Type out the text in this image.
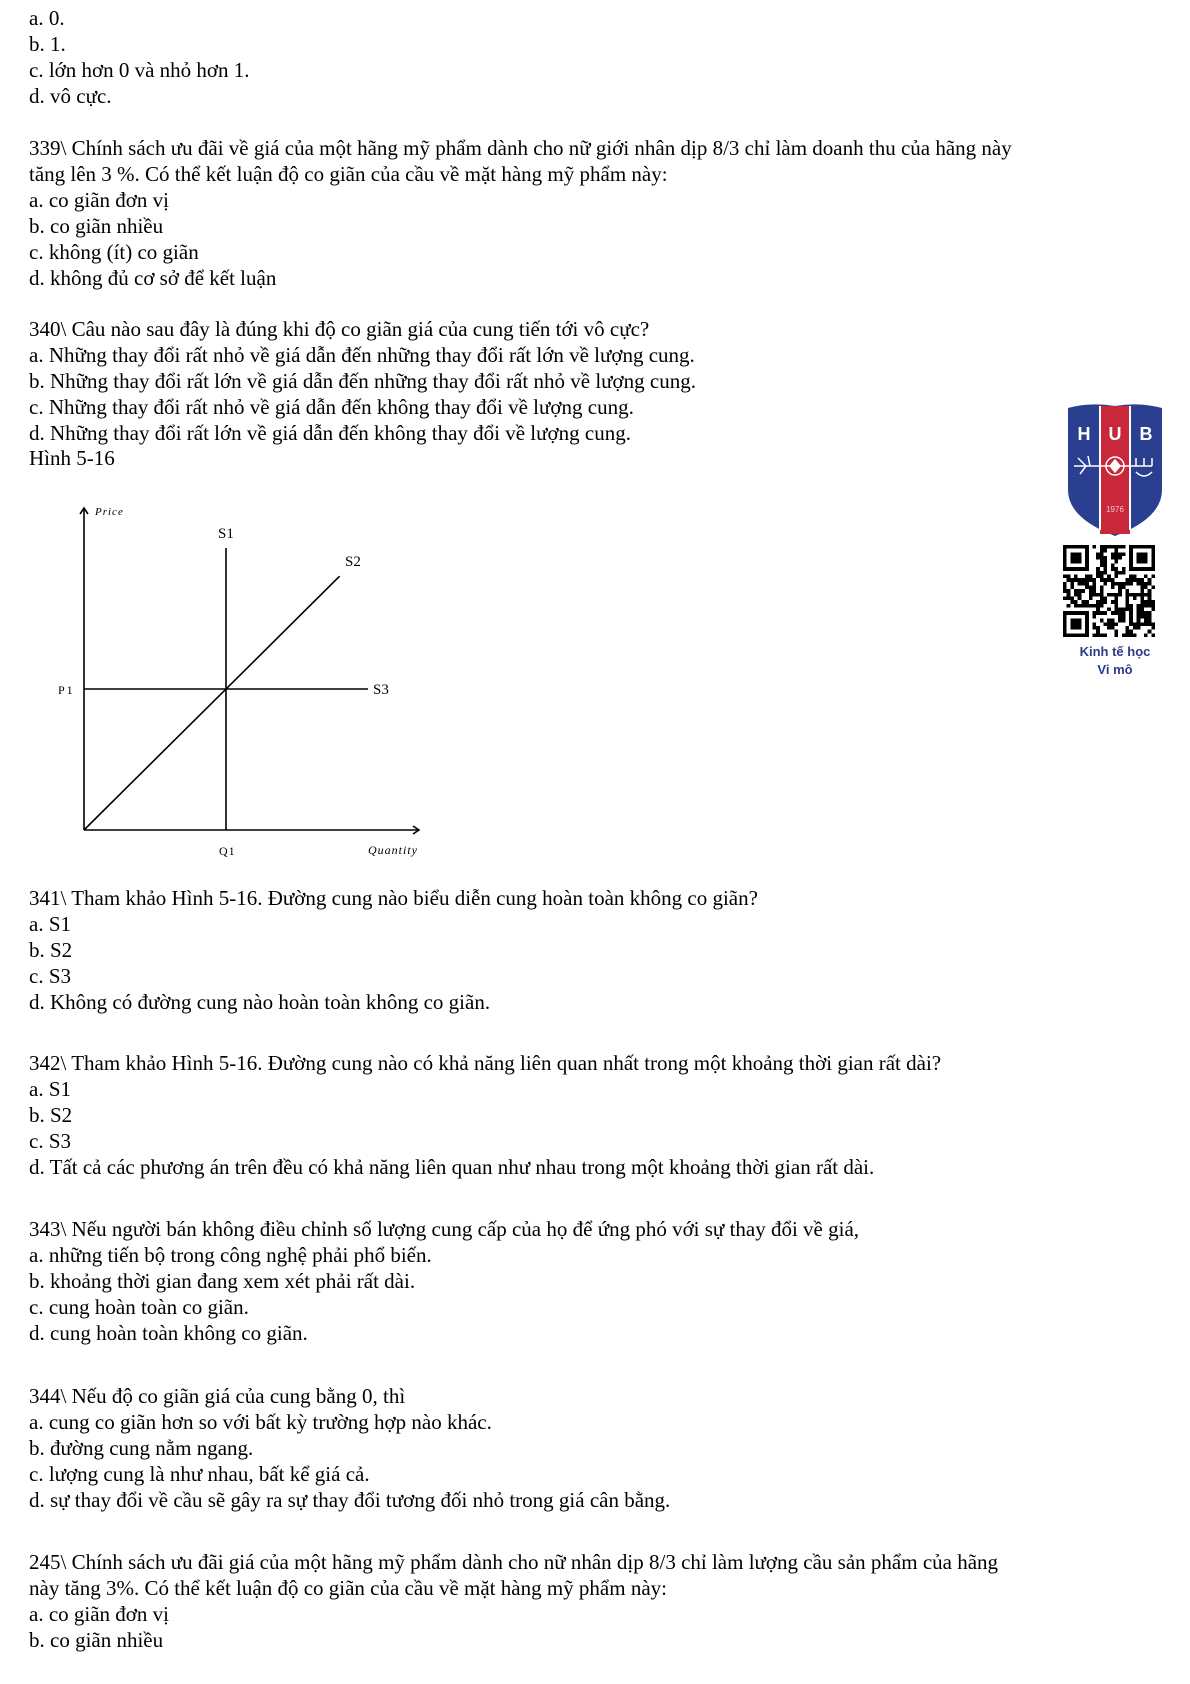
a. 0.
b. 1.
c. lớn hơn 0 và nhỏ hơn 1.
d. vô cực.
339\ Chính sách ưu đãi về giá của một hãng mỹ phẩm dành cho nữ giới nhân dịp 8/3 chỉ làm doanh thu của hãng này
tăng lên 3 %. Có thể kết luận độ co giãn của cầu về mặt hàng mỹ phẩm này:
a. co giãn đơn vị
b. co giãn nhiều
c. không (ít) co giãn
d. không đủ cơ sở để kết luận
340\ Câu nào sau đây là đúng khi độ co giãn giá của cung tiến tới vô cực?
a. Những thay đổi rất nhỏ về giá dẫn đến những thay đổi rất lớn về lượng cung.
b. Những thay đổi rất lớn về giá dẫn đến những thay đổi rất nhỏ về lượng cung.
c. Những thay đổi rất nhỏ về giá dẫn đến không thay đổi về lượng cung.
d. Những thay đổi rất lớn về giá dẫn đến không thay đổi về lượng cung.
Hình 5-16
Price
Quantity
P1
Q1
S1
S2
S3
341\ Tham khảo Hình 5-16. Đường cung nào biểu diễn cung hoàn toàn không co giãn?
a. S1
b. S2
c. S3
d. Không có đường cung nào hoàn toàn không co giãn.
342\ Tham khảo Hình 5-16. Đường cung nào có khả năng liên quan nhất trong một khoảng thời gian rất dài?
a. S1
b. S2
c. S3
d. Tất cả các phương án trên đều có khả năng liên quan như nhau trong một khoảng thời gian rất dài.
343\ Nếu người bán không điều chỉnh số lượng cung cấp của họ để ứng phó với sự thay đổi về giá,
a. những tiến bộ trong công nghệ phải phổ biến.
b. khoảng thời gian đang xem xét phải rất dài.
c. cung hoàn toàn co giãn.
d. cung hoàn toàn không co giãn.
344\ Nếu độ co giãn giá của cung bằng 0, thì
a. cung co giãn hơn so với bất kỳ trường hợp nào khác.
b. đường cung nằm ngang.
c. lượng cung là như nhau, bất kể giá cả.
d. sự thay đổi về cầu sẽ gây ra sự thay đổi tương đối nhỏ trong giá cân bằng.
245\ Chính sách ưu đãi giá của một hãng mỹ phẩm dành cho nữ nhân dịp 8/3 chỉ làm lượng cầu sản phẩm của hãng
này tăng 3%. Có thể kết luận độ co giãn của cầu về mặt hàng mỹ phẩm này:
a. co giãn đơn vị
b. co giãn nhiều
H U B
1976
Kinh tế học
Vi mô
